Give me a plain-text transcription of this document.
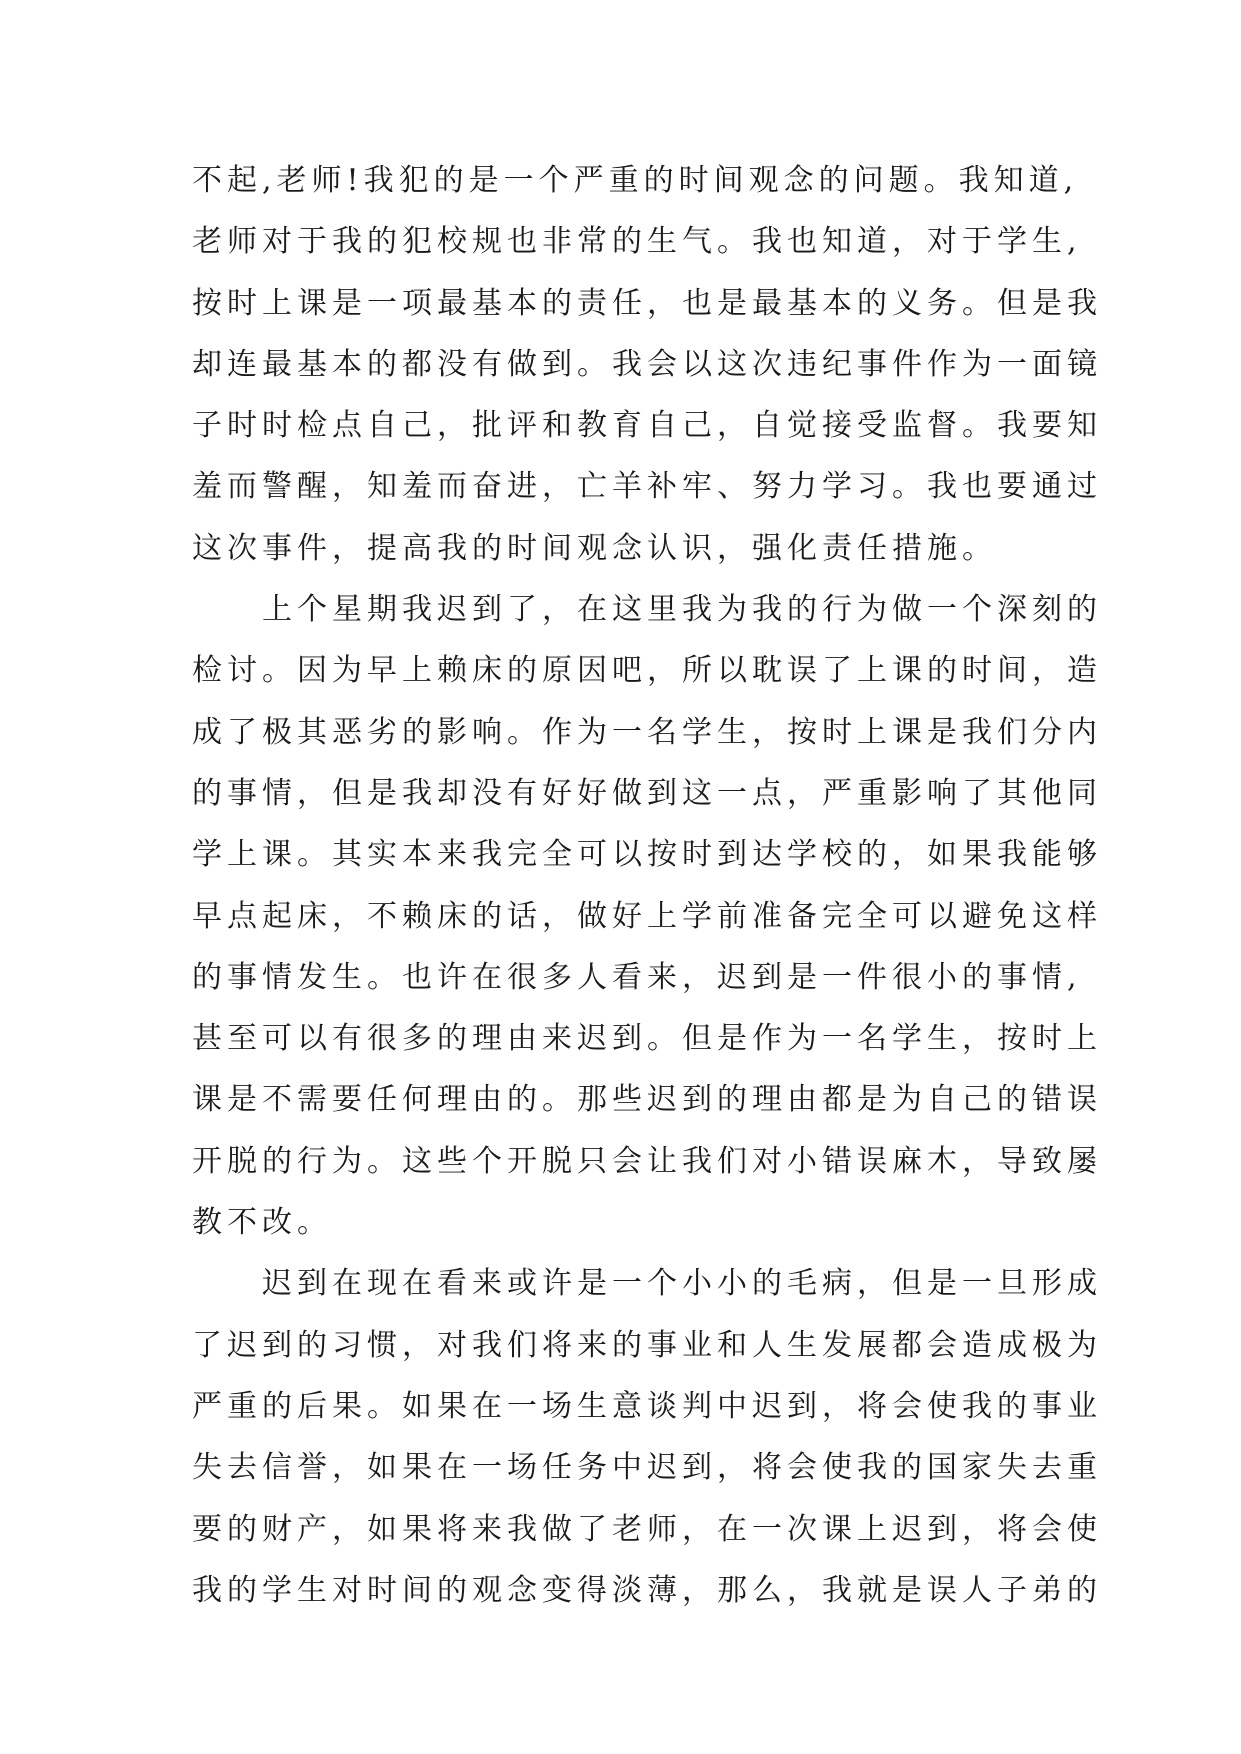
不起,老师!我犯的是一个严重的时间观念的问题。我知道,
老师对于我的犯校规也非常的生气。我也知道，对于学生,
按时上课是一项最基本的责任，也是最基本的义务。但是我
却连最基本的都没有做到。我会以这次违纪事件作为一面镜
子时时检点自己，批评和教育自己，自觉接受监督。我要知
羞而警醒，知羞而奋进，亡羊补牢、努力学习。我也要通过
这次事件，提高我的时间观念认识，强化责任措施。
　　上个星期我迟到了，在这里我为我的行为做一个深刻的
检讨。因为早上赖床的原因吧，所以耽误了上课的时间，造
成了极其恶劣的影响。作为一名学生，按时上课是我们分内
的事情，但是我却没有好好做到这一点，严重影响了其他同
学上课。其实本来我完全可以按时到达学校的，如果我能够
早点起床，不赖床的话，做好上学前准备完全可以避免这样
的事情发生。也许在很多人看来，迟到是一件很小的事情,
甚至可以有很多的理由来迟到。但是作为一名学生，按时上
课是不需要任何理由的。那些迟到的理由都是为自己的错误
开脱的行为。这些个开脱只会让我们对小错误麻木，导致屡
教不改。
　　迟到在现在看来或许是一个小小的毛病，但是一旦形成
了迟到的习惯，对我们将来的事业和人生发展都会造成极为
严重的后果。如果在一场生意谈判中迟到，将会使我的事业
失去信誉，如果在一场任务中迟到，将会使我的国家失去重
要的财产，如果将来我做了老师，在一次课上迟到，将会使
我的学生对时间的观念变得淡薄，那么，我就是误人子弟的
